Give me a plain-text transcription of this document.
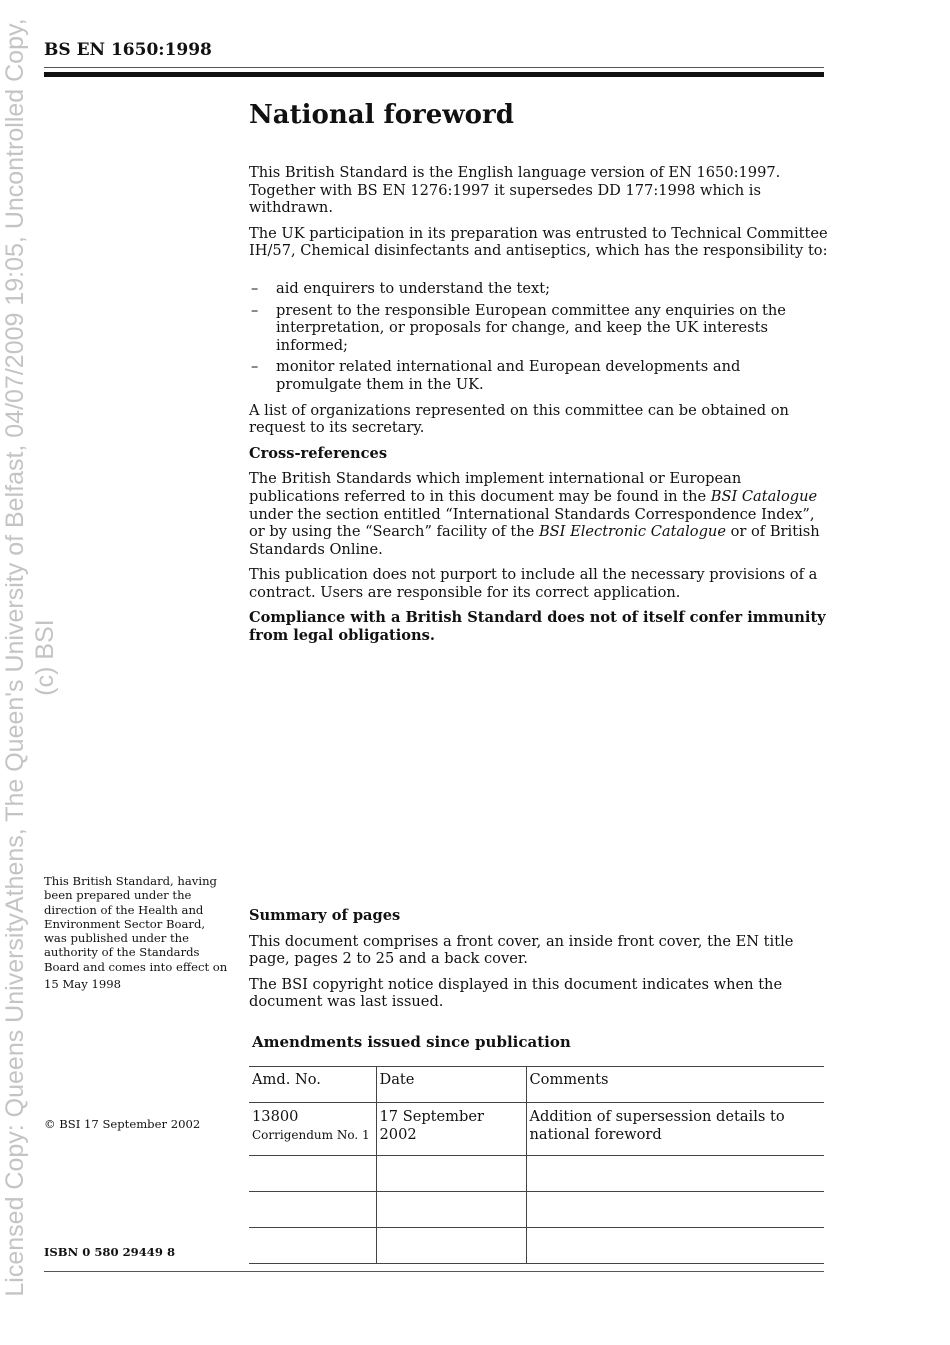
Licensed Copy: Queens UniversityAthens, The Queen's University of Belfast, 04/07/2009 19:05, Uncontrolled Copy, (c) BSI
BS EN 1650:1998
National foreword

This British Standard is the English language version of EN 1650:1997. Together with BS EN 1276:1997 it supersedes DD 177:1998 which is withdrawn.

The UK participation in its preparation was entrusted to Technical Committee IH/57, Chemical disinfectants and antiseptics, which has the responsibility to:

– aid enquirers to understand the text;
– present to the responsible European committee any enquiries on the interpretation, or proposals for change, and keep the UK interests informed;
– monitor related international and European developments and promulgate them in the UK.

A list of organizations represented on this committee can be obtained on request to its secretary.

Cross-references

The British Standards which implement international or European publications referred to in this document may be found in the BSI Catalogue under the section entitled “International Standards Correspondence Index”, or by using the “Search” facility of the BSI Electronic Catalogue or of British Standards Online.

This publication does not purport to include all the necessary provisions of a contract. Users are responsible for its correct application.

Compliance with a British Standard does not of itself confer immunity from legal obligations.

This British Standard, having been prepared under the direction of the Health and Environment Sector Board, was published under the authority of the Standards Board and comes into effect on
15 May 1998
© BSI 17 September 2002
ISBN 0 580 29449 8

Summary of pages

This document comprises a front cover, an inside front cover, the EN title page, pages 2 to 25 and a back cover.

The BSI copyright notice displayed in this document indicates when the document was last issued.

Amendments issued since publication
Amd. No.	Date	Comments

13800
Corrigendum No. 1	17 September 2002	Addition of supersession details to national foreword
